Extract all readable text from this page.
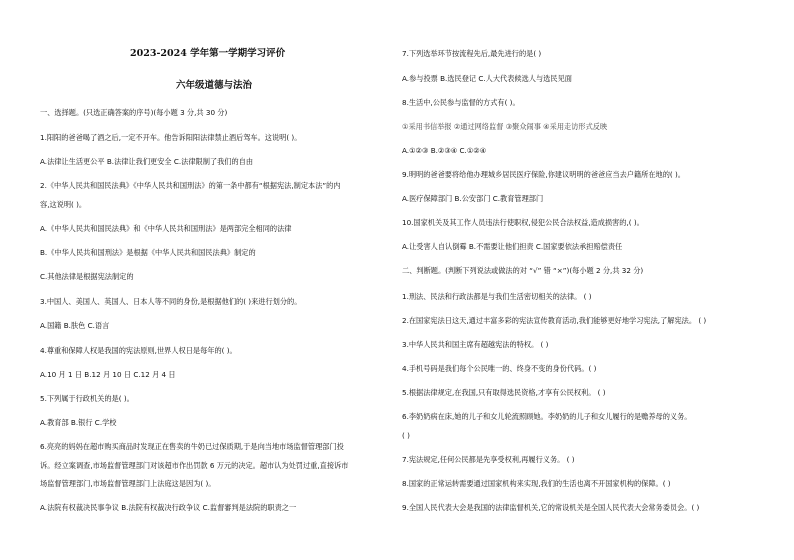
2023-2024 学年第一学期学习评价
六年级道德与法治
一、选择题。(只选正确答案的序号)(每小题 3 分,共 30 分)
1.阳阳的爸爸喝了酒之后,一定不开车。他告诉阳阳法律禁止酒后驾车。这说明( )。
A.法律让生活更公平 B.法律让我们更安全 C.法律限制了我们的自由
2.《中华人民共和国民法典》《中华人民共和国刑法》的第一条中都有“根据宪法,制定本法”的内
容,这说明( )。
A.《中华人民共和国民法典》和《中华人民共和国刑法》是两部完全相同的法律
B.《中华人民共和国刑法》是根据《中华人民共和国民法典》制定的
C.其他法律是根据宪法制定的
3.中国人、美国人、英国人、日本人等不同的身份,是根据他们的( )来进行划分的。
A.国籍 B.肤色 C.语言
4.尊重和保障人权是我国的宪法原则,世界人权日是每年的( )。
A.10 月 1 日 B.12 月 10 日 C.12 月 4 日
5.下列属于行政机关的是( )。
A.教育部 B.银行 C.学校
6.亮亮的妈妈在超市购买商品时发现正在售卖的牛奶已过保质期,于是向当地市场监督管理部门投
诉。经立案调查,市场监督管理部门对该超市作出罚款 6 万元的决定。超市认为处罚过重,直接诉市
场监督管理部门,市场监督管理部门上法庭这是因为( )。
A.法院有权裁决民事争议 B.法院有权裁决行政争议 C.监督審判是法院的职责之一
7.下列选举环节按流程先后,最先进行的是( )
A.参与投票 B.选民登记 C.人大代表候选人与选民见面
8.生活中,公民参与监督的方式有( )。
①采用书信举报 ②通过网络监督 ③聚众闹事 ④采用走访形式反映
A.①②③ B.②③④ C.①②④
9.明明的爸爸要将给他办理城乡居民医疗保险,你建议明明的爸爸应当去户籍所在地的( )。
A.医疗保障部门 B.公安部门 C.教育管理部门
10.国家机关及其工作人员违法行使职权,侵犯公民合法权益,造成损害的,( )。
A.让受害人自认倒霉 B.不需要让他们担责 C.国家要依法承担赔偿责任
二、判断题。(判断下列说法或做法的对 “√” 错 “×”)(每小题 2 分,共 32 分)
1.刑法、民法和行政法都是与我们生活密切相关的法律。 ( )
2.在国家宪法日这天,通过丰富多彩的宪法宣传教育活动,我们能够更好地学习宪法,了解宪法。 ( )
3.中华人民共和国主席有超越宪法的特权。 ( )
4.手机号码是我们每个公民唯一的、终身不变的身份代码。( )
5.根据法律规定,在我国,只有取得选民资格,才享有公民权利。 ( )
6.李奶奶病在床,她的儿子和女儿轮流照顾她。李奶奶的儿子和女儿履行的是赡养母的义务。
( )
7.宪法规定,任何公民都是先享受权利,再履行义务。 ( )
8.国家的正常运转需要通过国家机构来实现,我们的生活也离不开国家机构的保障。( )
9.全国人民代表大会是我国的法律监督机关,它的常设机关是全国人民代表大会常务委员会。( )
